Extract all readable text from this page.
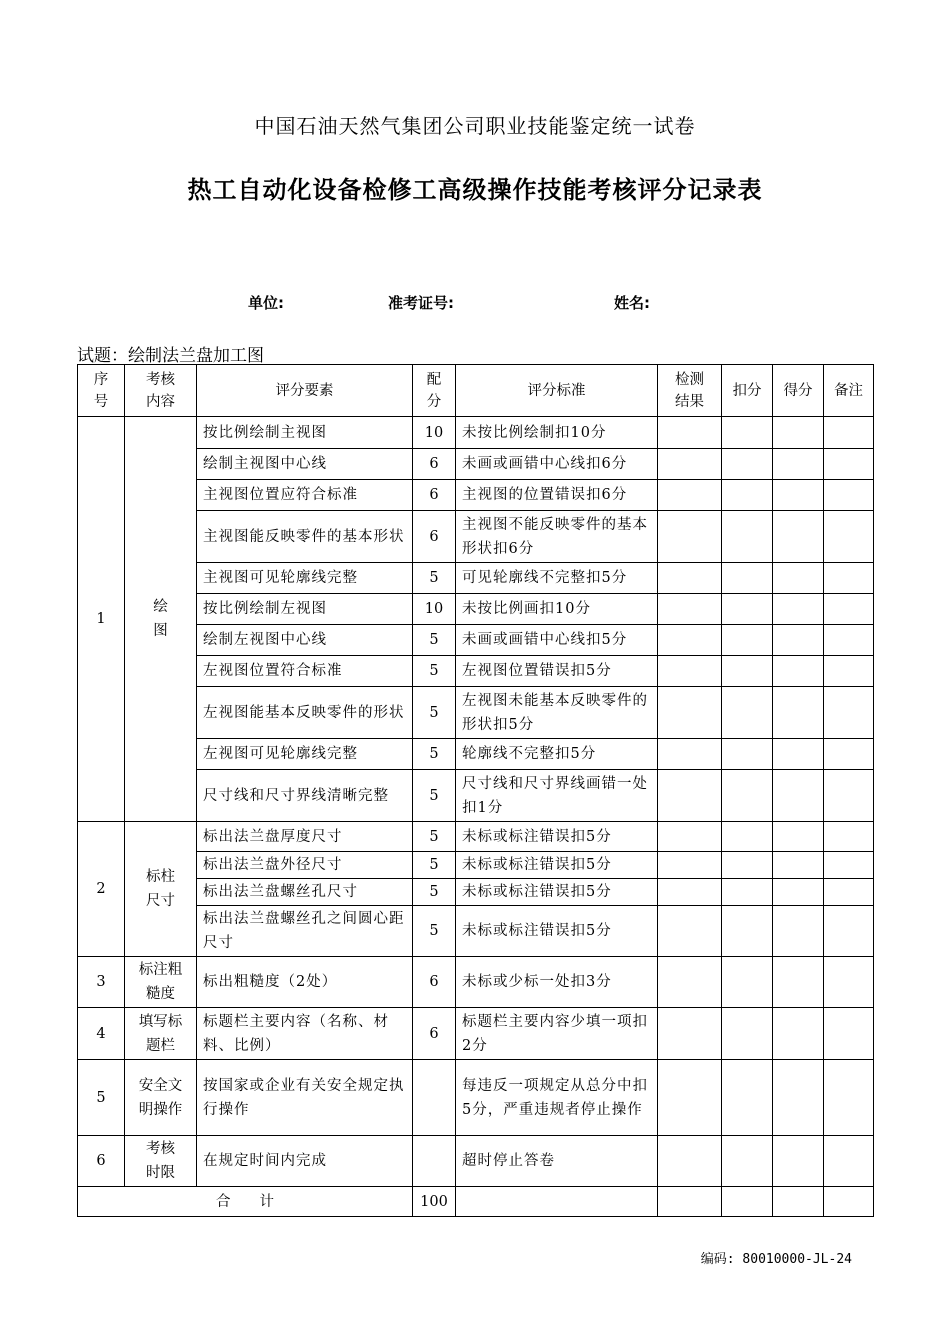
中国石油天然气集团公司职业技能鉴定统一试卷
热工自动化设备检修工高级操作技能考核评分记录表
单位:	准考证号:	姓名:
试题：绘制法兰盘加工图
序号	考核内容	评分要素	配分	评分标准	检测结果	扣分	得分	备注
1	绘图	按比例绘制主视图	10	未按比例绘制扣10分				
		绘制主视图中心线	6	未画或画错中心线扣6分				
		主视图位置应符合标准	6	主视图的位置错误扣6分				
		主视图能反映零件的基本形状	6	主视图不能反映零件的基本形状扣6分				
		主视图可见轮廓线完整	5	可见轮廓线不完整扣5分				
		按比例绘制左视图	10	未按比例画扣10分				
		绘制左视图中心线	5	未画或画错中心线扣5分				
		左视图位置符合标准	5	左视图位置错误扣5分				
		左视图能基本反映零件的形状	5	左视图未能基本反映零件的形状扣5分				
		左视图可见轮廓线完整	5	轮廓线不完整扣5分				
		尺寸线和尺寸界线清晰完整	5	尺寸线和尺寸界线画错一处扣1分				
2	标柱尺寸	标出法兰盘厚度尺寸	5	未标或标注错误扣5分				
		标出法兰盘外径尺寸	5	未标或标注错误扣5分				
		标出法兰盘螺丝孔尺寸	5	未标或标注错误扣5分				
		标出法兰盘螺丝孔之间圆心距尺寸	5	未标或标注错误扣5分				
3	标注粗糙度	标出粗糙度（2处）	6	未标或少标一处扣3分				
4	填写标题栏	标题栏主要内容（名称、材料、比例）	6	标题栏主要内容少填一项扣2分				
5	安全文明操作	按国家或企业有关安全规定执行操作		每违反一项规定从总分中扣5分，严重违规者停止操作				
6	考核时限	在规定时间内完成		超时停止答卷				
合　　计			100					
编码: 80010000-JL-24
